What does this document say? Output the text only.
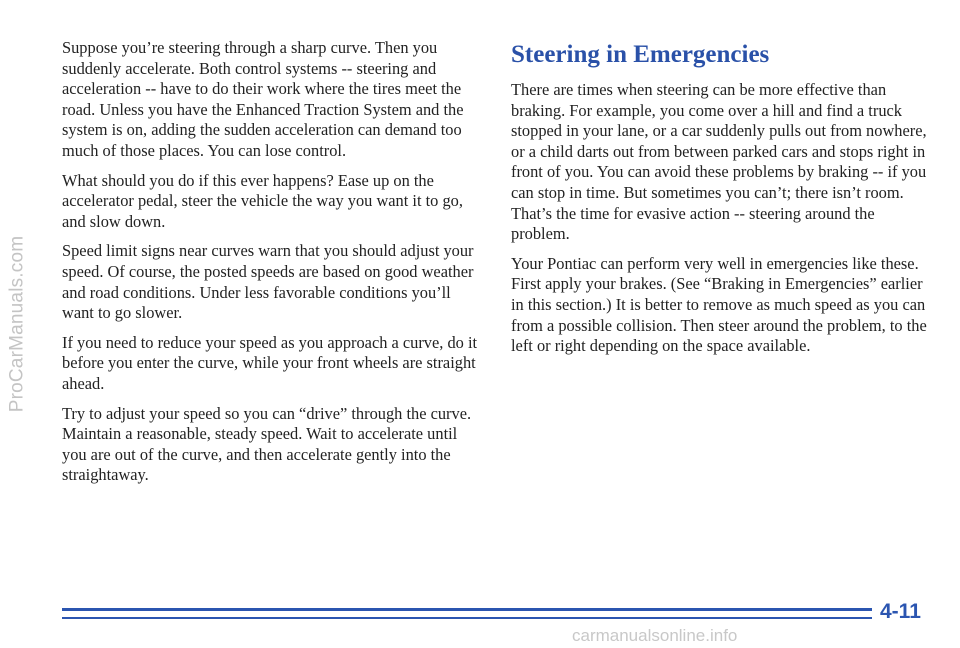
ProCarManuals.com

Suppose you’re steering through a sharp curve. Then you suddenly accelerate. Both control systems -- steering and acceleration -- have to do their work where the tires meet the road. Unless you have the Enhanced Traction System and the system is on, adding the sudden acceleration can demand too much of those places. You can lose control.

What should you do if this ever happens? Ease up on the accelerator pedal, steer the vehicle the way you want it to go, and slow down.

Speed limit signs near curves warn that you should adjust your speed. Of course, the posted speeds are based on good weather and road conditions. Under less favorable conditions you’ll want to go slower.

If you need to reduce your speed as you approach a curve, do it before you enter the curve, while your front wheels are straight ahead.

Try to adjust your speed so you can “drive” through the curve. Maintain a reasonable, steady speed. Wait to accelerate until you are out of the curve, and then accelerate gently into the straightaway.

Steering in Emergencies

There are times when steering can be more effective than braking. For example, you come over a hill and find a truck stopped in your lane, or a car suddenly pulls out from nowhere, or a child darts out from between parked cars and stops right in front of you. You can avoid these problems by braking -- if you can stop in time. But sometimes you can’t; there isn’t room. That’s the time for evasive action -- steering around the problem.

Your Pontiac can perform very well in emergencies like these. First apply your brakes. (See “Braking in Emergencies” earlier in this section.) It is better to remove as much speed as you can from a possible collision. Then steer around the problem, to the left or right depending on the space available.

4-11
carmanualsonline.info
